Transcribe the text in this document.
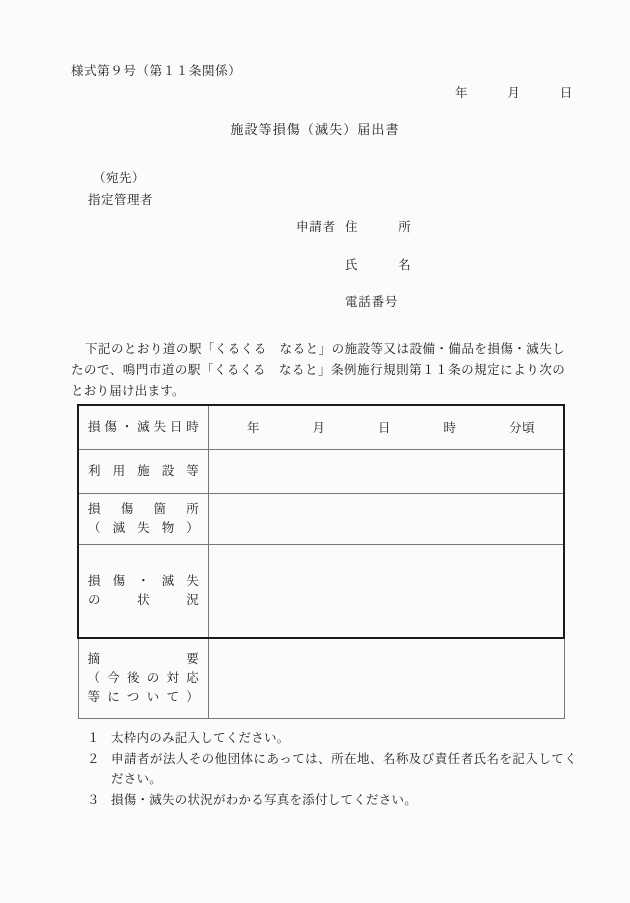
様式第９号（第１１条関係）
年　　　月　　　日
施設等損傷（滅失）届出書
（宛先）
指定管理者
申請者 住　　　所
氏　　　名
電話番号
下記のとおり道の駅「くるくる　なると」の施設等又は設備・備品を損傷・滅失したので、鳴門市道の駅「くるくる　なると」条例施行規則第１１条の規定により次のとおり届け出ます。
損傷・滅失日時	年　　　　月　　　　日　　　　時　　　　分頃

利用施設等	

損傷箇所
（滅失物）	

損傷・滅失
の状況	

摘要
（今後の対応
等について）	

１ 太枠内のみ記入してください。
２ 申請者が法人その他団体にあっては、所在地、名称及び責任者氏名を記入してください。
３ 損傷・滅失の状況がわかる写真を添付してください。
